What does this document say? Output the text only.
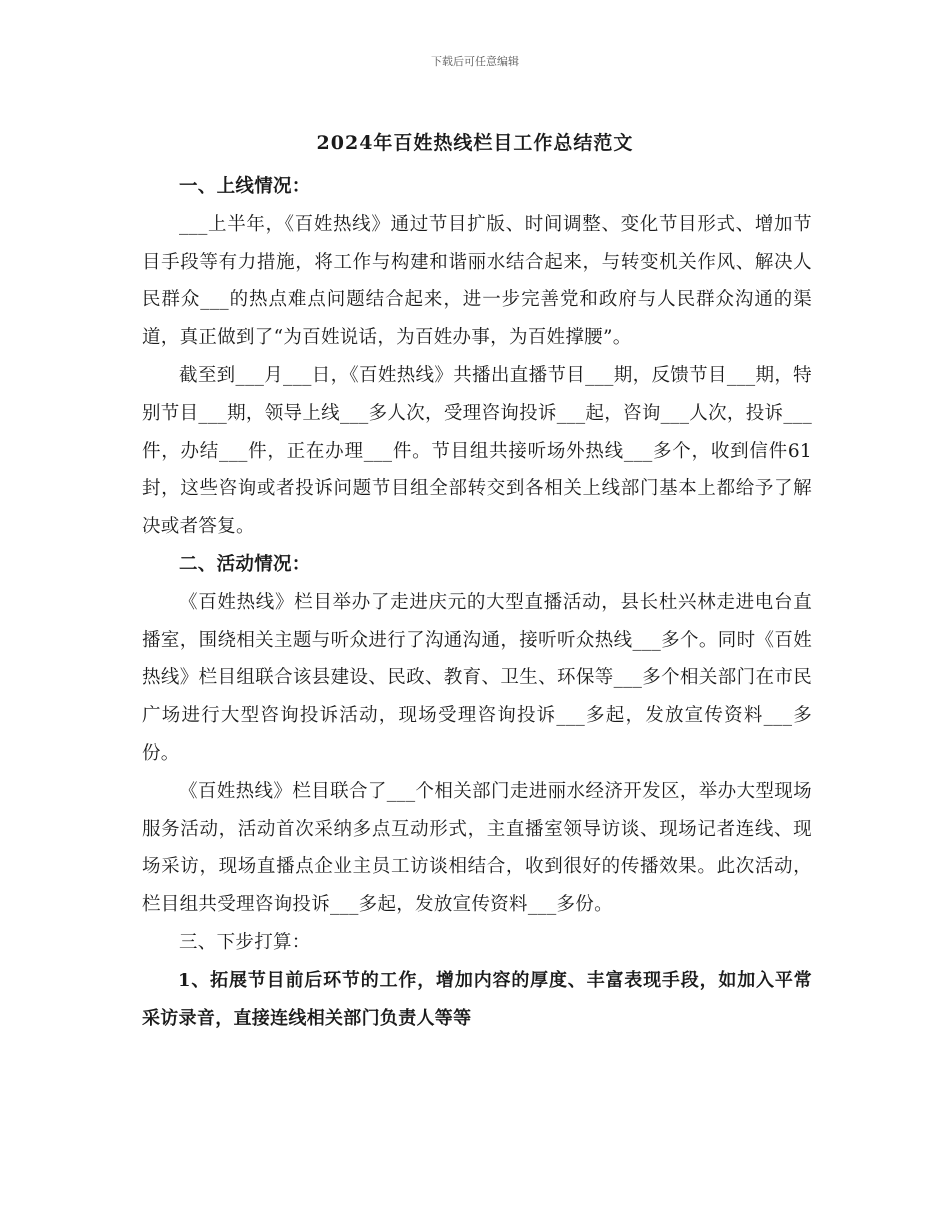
下载后可任意编辑
2024年百姓热线栏目工作总结范文

一、上线情况：

___上半年，《百姓热线》通过节目扩版、时间调整、变化节目形式、增加节目手段等有力措施，将工作与构建和谐丽水结合起来，与转变机关作风、解决人民群众___的热点难点问题结合起来，进一步完善党和政府与人民群众沟通的渠道，真正做到了“为百姓说话，为百姓办事，为百姓撑腰”。

截至到___月___日，《百姓热线》共播出直播节目___期，反馈节目___期，特别节目___期，领导上线___多人次，受理咨询投诉___起，咨询___人次，投诉___件，办结___件，正在办理___件。节目组共接听场外热线___多个，收到信件61封，这些咨询或者投诉问题节目组全部转交到各相关上线部门基本上都给予了解决或者答复。

二、活动情况：

《百姓热线》栏目举办了走进庆元的大型直播活动，县长杜兴林走进电台直播室，围绕相关主题与听众进行了沟通沟通，接听听众热线___多个。同时《百姓热线》栏目组联合该县建设、民政、教育、卫生、环保等___多个相关部门在市民广场进行大型咨询投诉活动，现场受理咨询投诉___多起，发放宣传资料___多份。

《百姓热线》栏目联合了___个相关部门走进丽水经济开发区，举办大型现场服务活动，活动首次采纳多点互动形式，主直播室领导访谈、现场记者连线、现场采访，现场直播点企业主员工访谈相结合，收到很好的传播效果。此次活动，栏目组共受理咨询投诉___多起，发放宣传资料___多份。

三、下步打算：

1、拓展节目前后环节的工作，增加内容的厚度、丰富表现手段，如加入平常采访录音，直接连线相关部门负责人等等
